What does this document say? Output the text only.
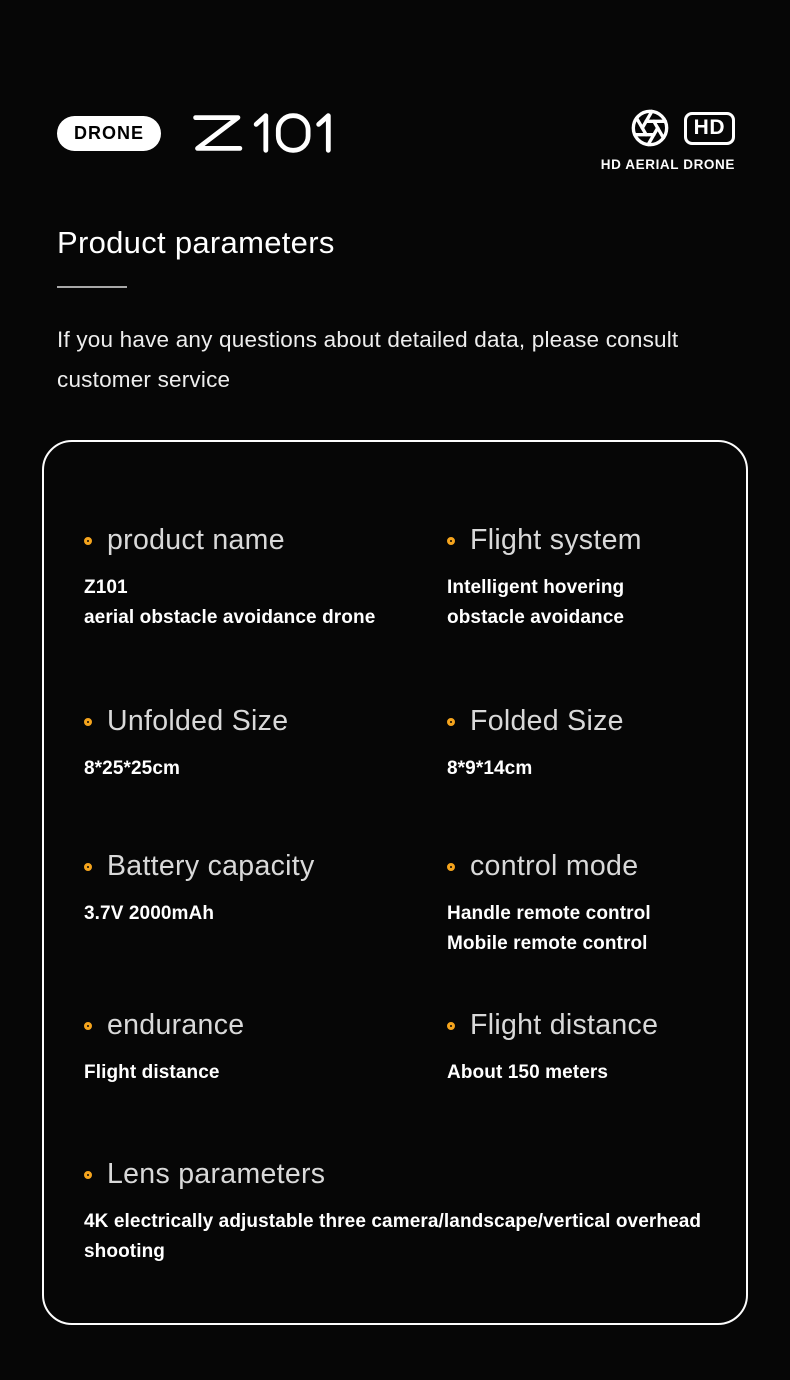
DRONE	HD
HD AERIAL DRONE
Product parameters
If you have any questions about detailed data, please consult customer service
product name
Z101
aerial obstacle avoidance drone
Flight system
Intelligent hovering
obstacle avoidance
Unfolded Size
8*25*25cm
Folded Size
8*9*14cm
Battery capacity
3.7V 2000mAh
control mode
Handle remote control
Mobile remote control
endurance
Flight distance
Flight distance
About 150 meters
Lens parameters
4K electrically adjustable three camera/landscape/vertical overhead shooting
